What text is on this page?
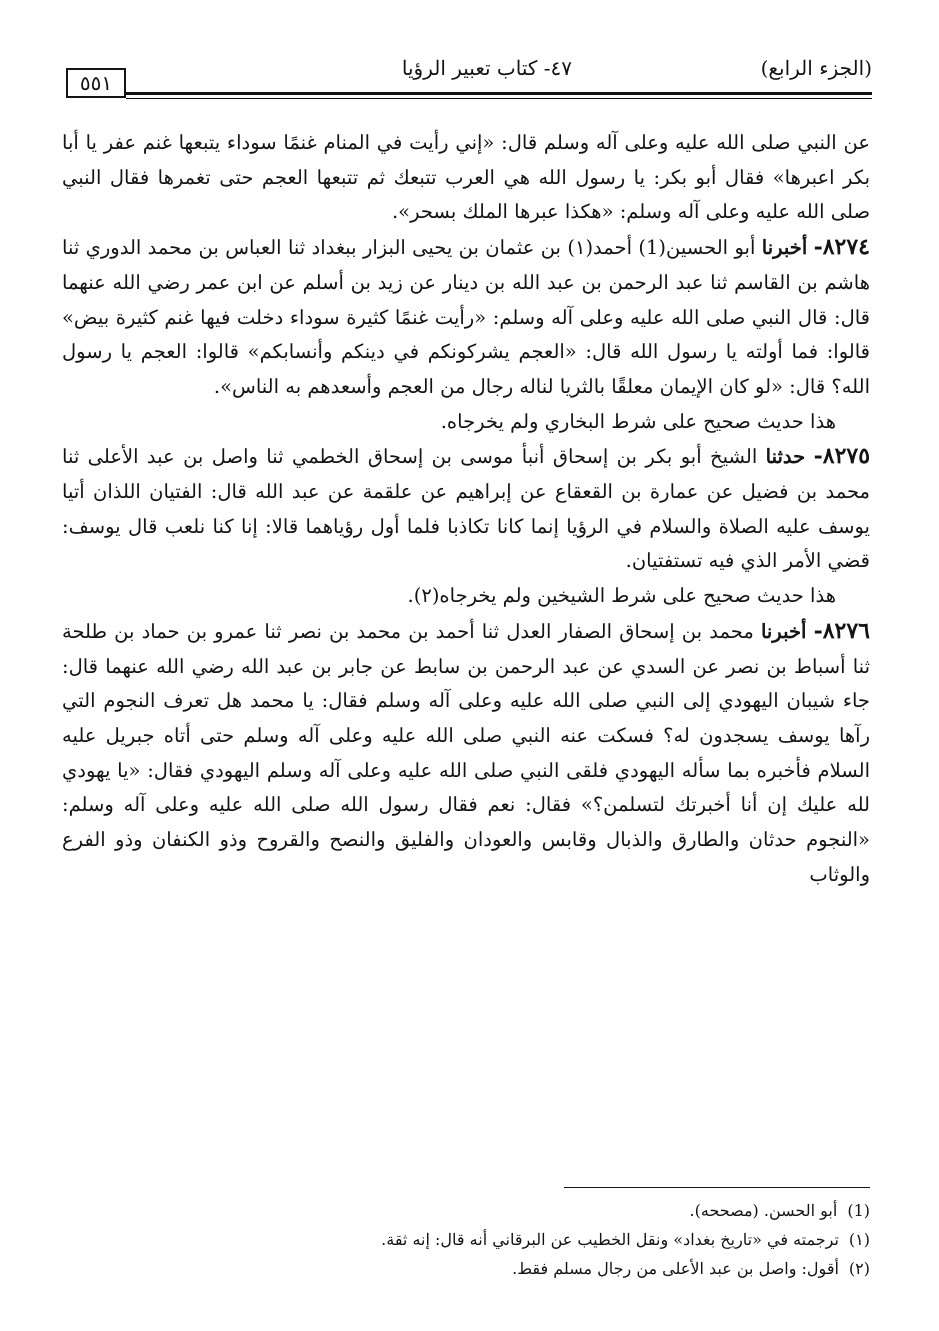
(الجزء الرابع)
٤٧- كتاب تعبير الرؤيا
٥٥١

عن النبي صلى الله عليه وعلى آله وسلم قال: «إني رأيت في المنام غنمًا سوداء يتبعها غنم عفر يا أبا بكر اعبرها» فقال أبو بكر: يا رسول الله هي العرب تتبعك ثم تتبعها العجم حتى تغمرها فقال النبي صلى الله عليه وعلى آله وسلم: «هكذا عبرها الملك بسحر».

٨٢٧٤- أخبرنا أبو الحسين(1) أحمد(١) بن عثمان بن يحيى البزار ببغداد ثنا العباس بن محمد الدوري ثنا هاشم بن القاسم ثنا عبد الرحمن بن عبد الله بن دينار عن زيد بن أسلم عن ابن عمر رضي الله عنهما قال: قال النبي صلى الله عليه وعلى آله وسلم: «رأيت غنمًا كثيرة سوداء دخلت فيها غنم كثيرة بيض» قالوا: فما أولته يا رسول الله قال: «العجم يشركونكم في دينكم وأنسابكم» قالوا: العجم يا رسول الله؟ قال: «لو كان الإيمان معلقًا بالثريا لناله رجال من العجم وأسعدهم به الناس».

هذا حديث صحيح على شرط البخاري ولم يخرجاه.

٨٢٧٥- حدثنا الشيخ أبو بكر بن إسحاق أنبأ موسى بن إسحاق الخطمي ثنا واصل بن عبد الأعلى ثنا محمد بن فضيل عن عمارة بن القعقاع عن إبراهيم عن علقمة عن عبد الله قال: الفتيان اللذان أتيا يوسف عليه الصلاة والسلام في الرؤيا إنما كانا تكاذبا فلما أول رؤياهما قالا: إنا كنا نلعب قال يوسف: قضي الأمر الذي فيه تستفتيان.

هذا حديث صحيح على شرط الشيخين ولم يخرجاه(٢).

٨٢٧٦- أخبرنا محمد بن إسحاق الصفار العدل ثنا أحمد بن محمد بن نصر ثنا عمرو بن حماد بن طلحة ثنا أسباط بن نصر عن السدي عن عبد الرحمن بن سابط عن جابر بن عبد الله رضي الله عنهما قال: جاء شيبان اليهودي إلى النبي صلى الله عليه وعلى آله وسلم فقال: يا محمد هل تعرف النجوم التي رآها يوسف يسجدون له؟ فسكت عنه النبي صلى الله عليه وعلى آله وسلم حتى أتاه جبريل عليه السلام فأخبره بما سأله اليهودي فلقى النبي صلى الله عليه وعلى آله وسلم اليهودي فقال: «يا يهودي لله عليك إن أنا أخبرتك لتسلمن؟» فقال: نعم فقال رسول الله صلى الله عليه وعلى آله وسلم: «النجوم حدثان والطارق والذبال وقابس والعودان والفليق والنصح والقروح وذو الكنفان وذو الفرع والوثاب

(1)أبو الحسن. (مصححه).
(١)ترجمته في «تاريخ بغداد» ونقل الخطيب عن البرقاني أنه قال: إنه ثقة.
(٢)أقول: واصل بن عبد الأعلى من رجال مسلم فقط.
